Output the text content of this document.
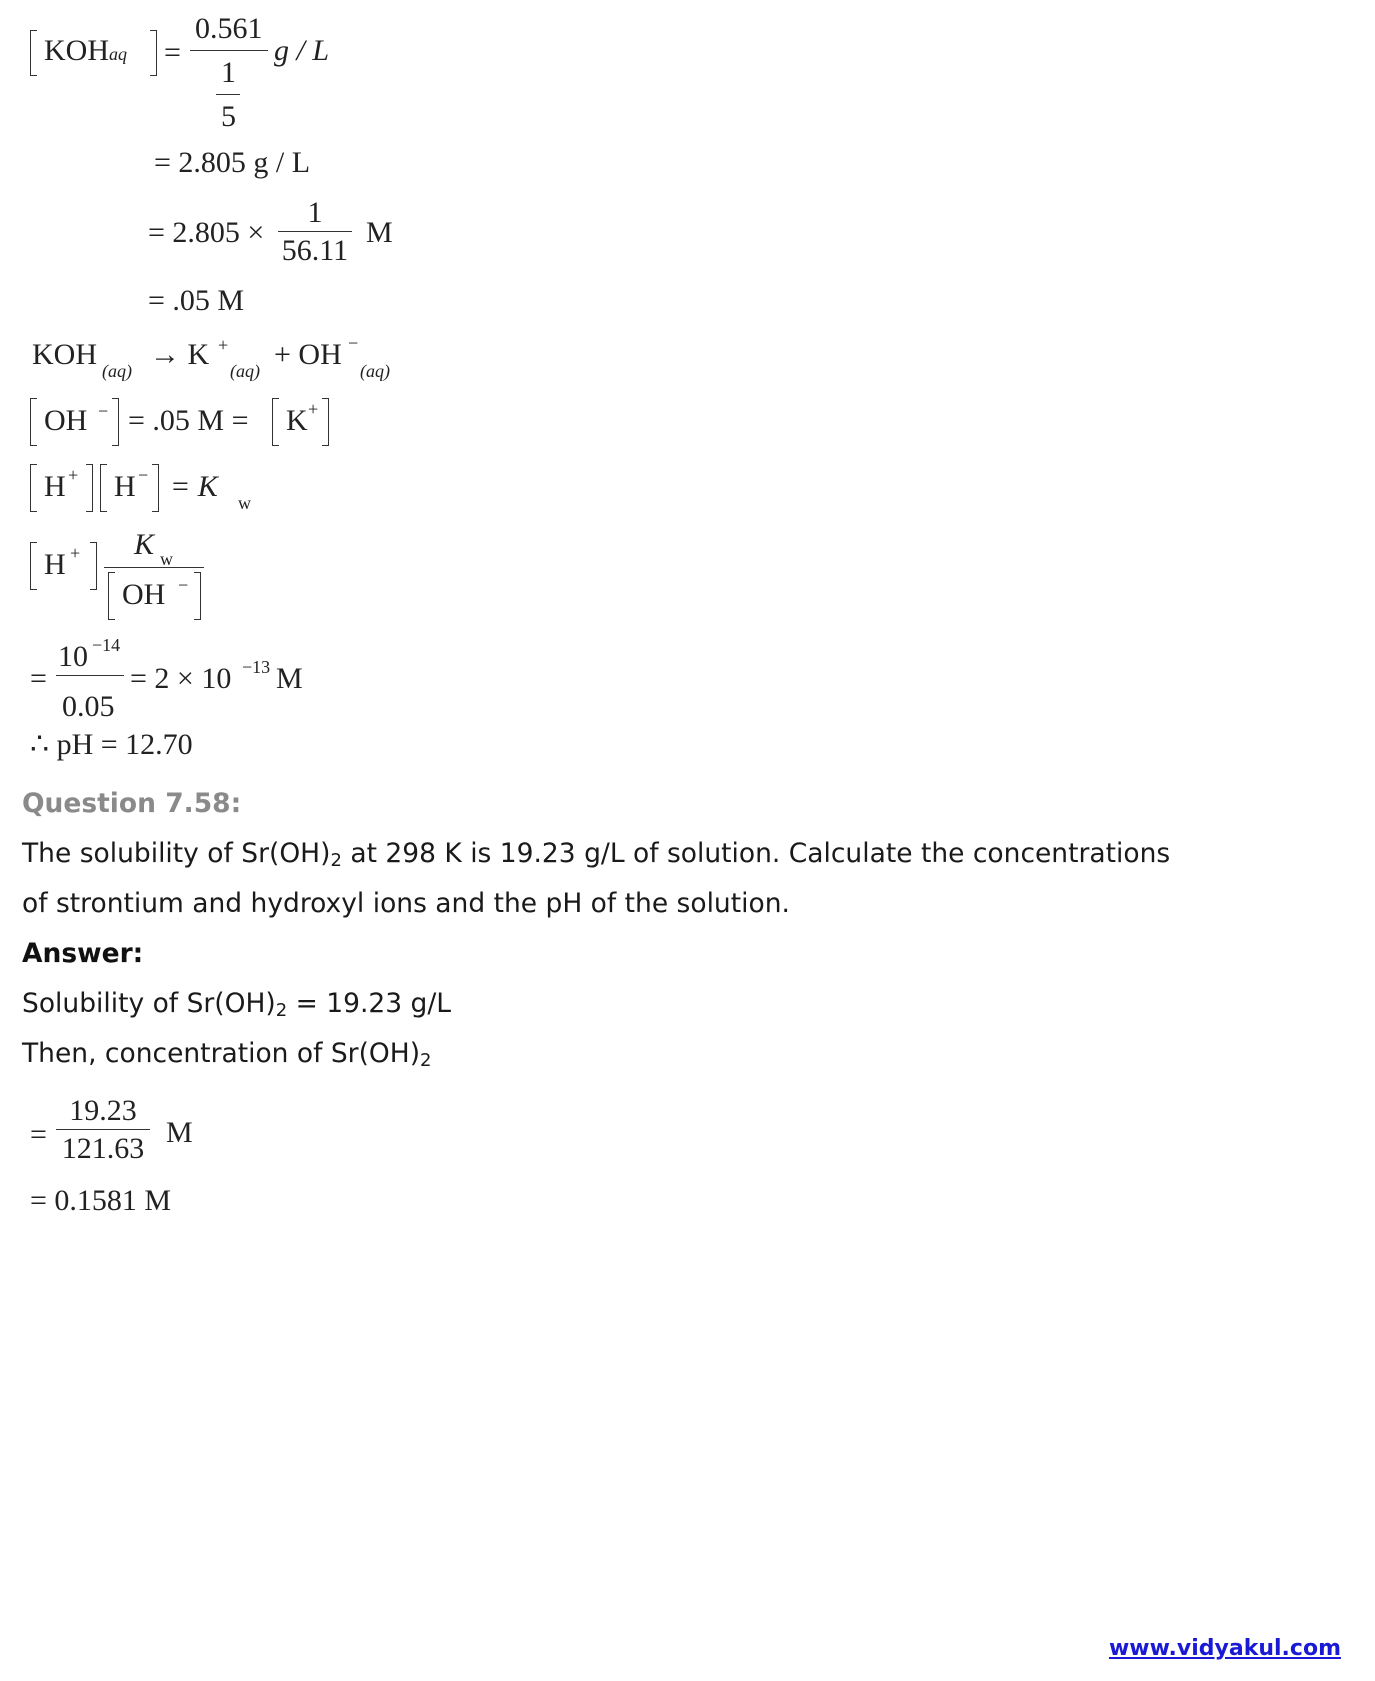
KOHaq =
0.561
1
5
g / L
= 2.805 g / L
= $2.805 \times \frac{1}{56.11}$ M
= .05 M
KOH (aq) → K +
(aq) + OH −
(aq)
OH − = .05 M = K +
H + H − = K w
H + K w
OH −
=
10 −14
0.05
= 2 × 10 −13 M
∴ pH = 12.70
Question 7.58:
The solubility of Sr(OH)2 at 298 K is 19.23 g/L of solution. Calculate the concentrations
of strontium and hydroxyl ions and the pH of the solution.
Answer:
Solubility of Sr(OH)2 = 19.23 g/L
Then, concentration of Sr(OH)2
= $\frac{19.23}{121.63}$ M
= 0.1581 M
www.vidyakul.com
